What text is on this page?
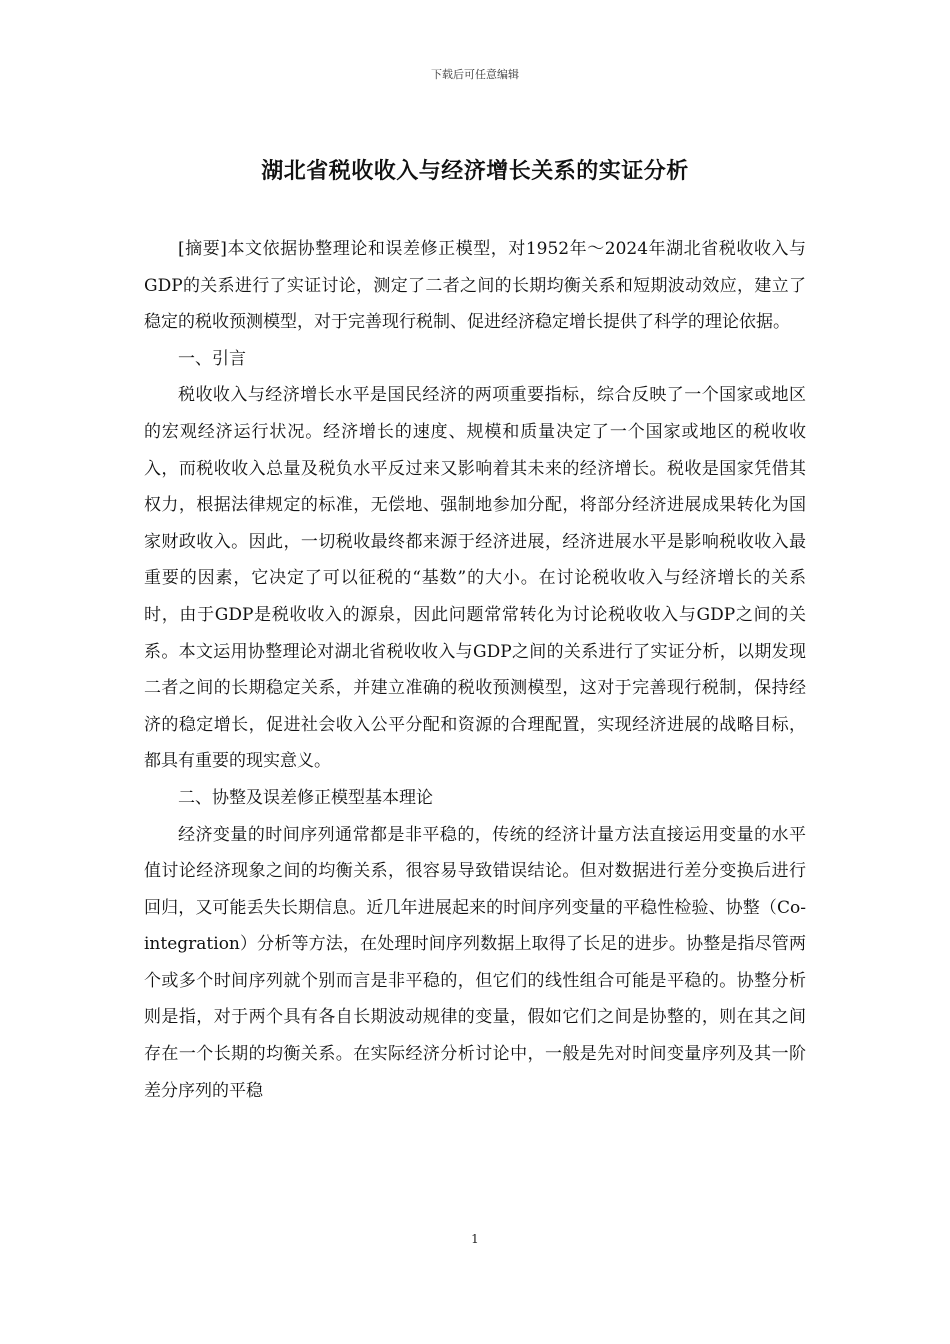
下载后可任意编辑
湖北省税收收入与经济增长关系的实证分析

[摘要]本文依据协整理论和误差修正模型，对1952年～2024年湖北省税收收入与GDP的关系进行了实证讨论，测定了二者之间的长期均衡关系和短期波动效应，建立了稳定的税收预测模型，对于完善现行税制、促进经济稳定增长提供了科学的理论依据。

一、引言

税收收入与经济增长水平是国民经济的两项重要指标，综合反映了一个国家或地区的宏观经济运行状况。经济增长的速度、规模和质量决定了一个国家或地区的税收收入，而税收收入总量及税负水平反过来又影响着其未来的经济增长。税收是国家凭借其权力，根据法律规定的标准，无偿地、强制地参加分配，将部分经济进展成果转化为国家财政收入。因此，一切税收最终都来源于经济进展，经济进展水平是影响税收收入最重要的因素，它决定了可以征税的“基数”的大小。在讨论税收收入与经济增长的关系时，由于GDP是税收收入的源泉，因此问题常常转化为讨论税收收入与GDP之间的关系。本文运用协整理论对湖北省税收收入与GDP之间的关系进行了实证分析，以期发现二者之间的长期稳定关系，并建立准确的税收预测模型，这对于完善现行税制，保持经济的稳定增长，促进社会收入公平分配和资源的合理配置，实现经济进展的战略目标，都具有重要的现实意义。

二、协整及误差修正模型基本理论

经济变量的时间序列通常都是非平稳的，传统的经济计量方法直接运用变量的水平值讨论经济现象之间的均衡关系，很容易导致错误结论。但对数据进行差分变换后进行回归，又可能丢失长期信息。近几年进展起来的时间序列变量的平稳性检验、协整（Co-integration）分析等方法，在处理时间序列数据上取得了长足的进步。协整是指尽管两个或多个时间序列就个别而言是非平稳的，但它们的线性组合可能是平稳的。协整分析则是指，对于两个具有各自长期波动规律的变量，假如它们之间是协整的，则在其之间存在一个长期的均衡关系。在实际经济分析讨论中，一般是先对时间变量序列及其一阶差分序列的平稳

1
